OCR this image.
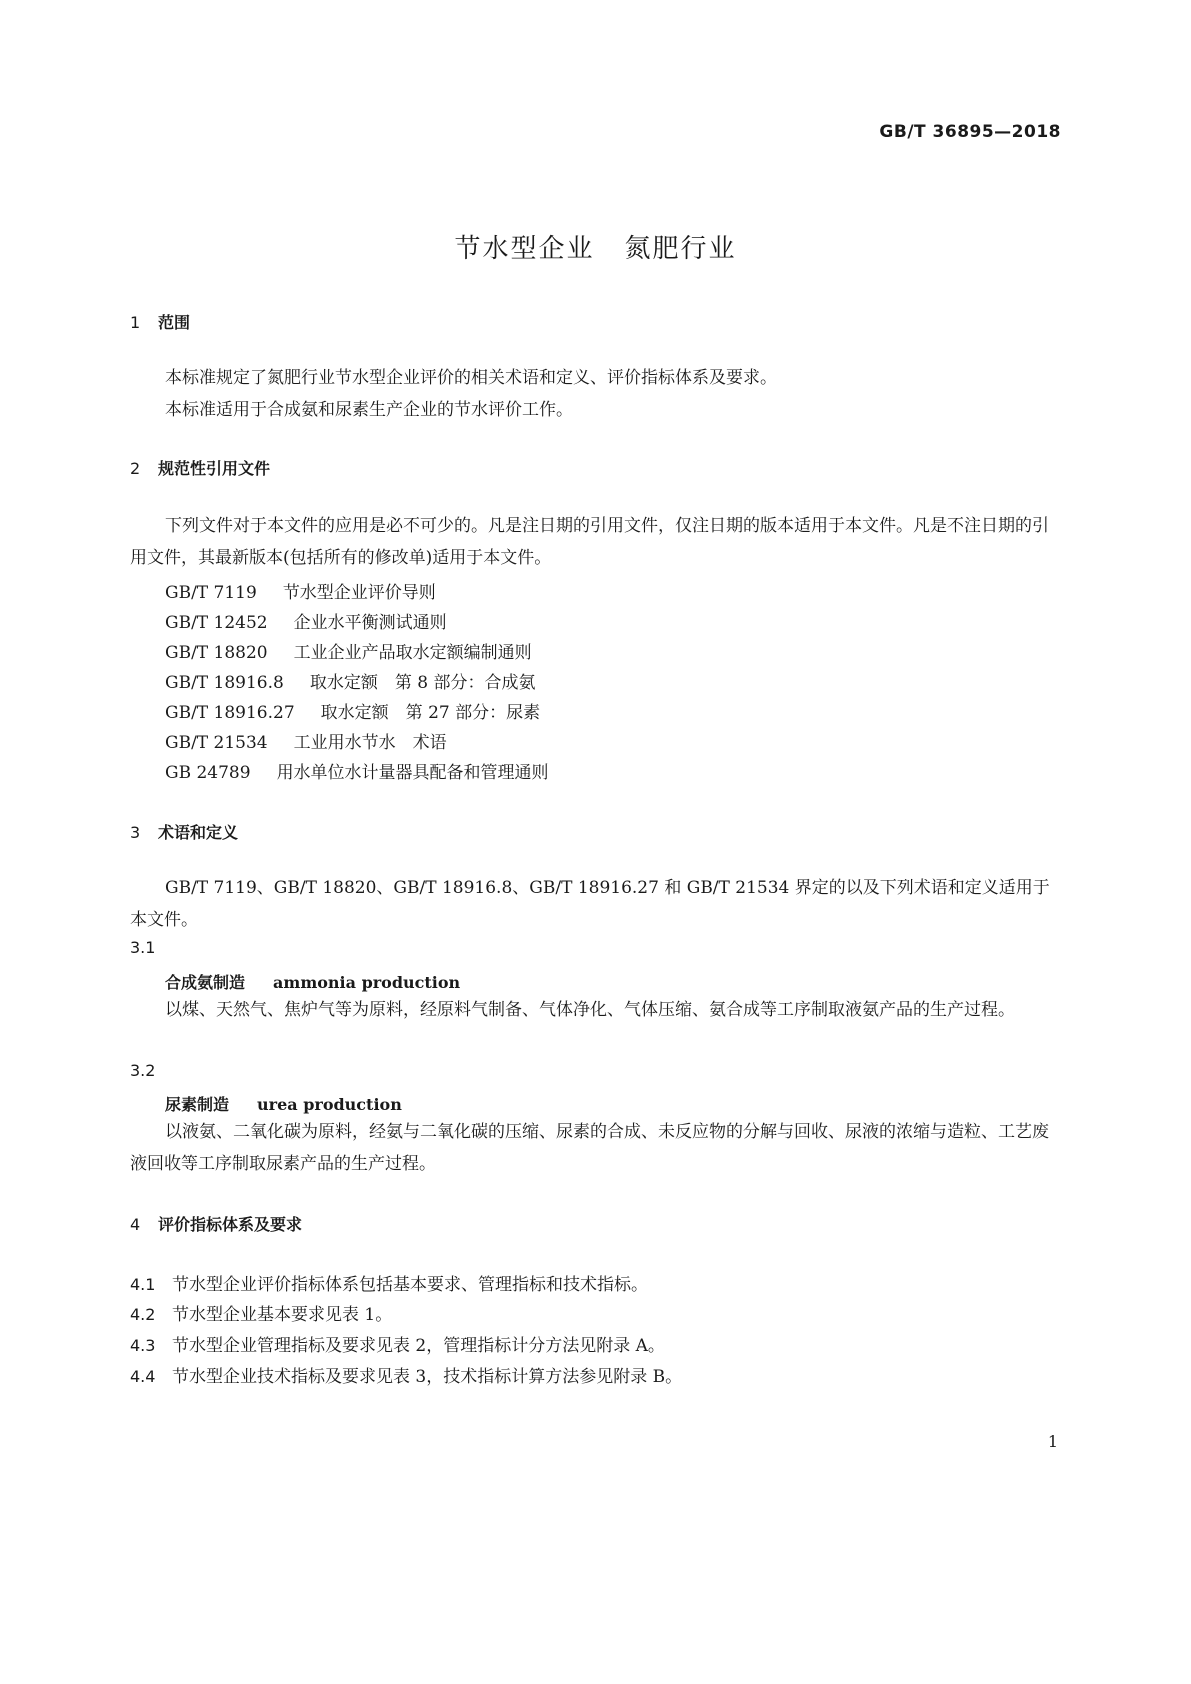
GB/T 36895—2018
节水型企业 氮肥行业
1 范围
本标准规定了氮肥行业节水型企业评价的相关术语和定义、评价指标体系及要求。
本标准适用于合成氨和尿素生产企业的节水评价工作。
2 规范性引用文件
下列文件对于本文件的应用是必不可少的。凡是注日期的引用文件，仅注日期的版本适用于本文件。凡是不注日期的引用文件，其最新版本(包括所有的修改单)适用于本文件。
GB/T 7119 节水型企业评价导则
GB/T 12452 企业水平衡测试通则
GB/T 18820 工业企业产品取水定额编制通则
GB/T 18916.8 取水定额　第 8 部分：合成氨
GB/T 18916.27 取水定额　第 27 部分：尿素
GB/T 21534 工业用水节水　术语
GB 24789 用水单位水计量器具配备和管理通则
3 术语和定义
GB/T 7119、GB/T 18820、GB/T 18916.8、GB/T 18916.27 和 GB/T 21534 界定的以及下列术语和定义适用于本文件。
3.1
合成氨制造 ammonia production
以煤、天然气、焦炉气等为原料，经原料气制备、气体净化、气体压缩、氨合成等工序制取液氨产品的生产过程。
3.2
尿素制造 urea production
以液氨、二氧化碳为原料，经氨与二氧化碳的压缩、尿素的合成、未反应物的分解与回收、尿液的浓缩与造粒、工艺废液回收等工序制取尿素产品的生产过程。
4 评价指标体系及要求
4.1 节水型企业评价指标体系包括基本要求、管理指标和技术指标。
4.2 节水型企业基本要求见表 1。
4.3 节水型企业管理指标及要求见表 2，管理指标计分方法见附录 A。
4.4 节水型企业技术指标及要求见表 3，技术指标计算方法参见附录 B。
1
